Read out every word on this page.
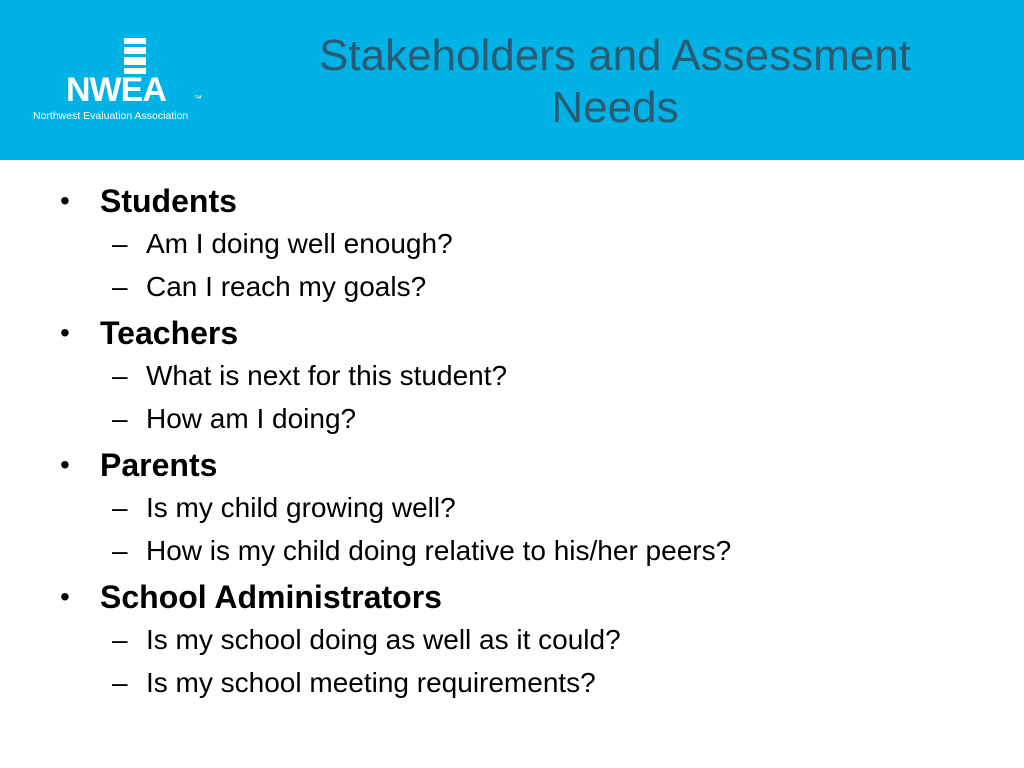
NWEA	™
Northwest Evaluation Association
Stakeholders and Assessment Needs
• Students
– Am I doing well enough?
– Can I reach my goals?
• Teachers
– What is next for this student?
– How am I doing?
• Parents
– Is my child growing well?
– How is my child doing relative to his/her peers?
• School Administrators
– Is my school doing as well as it could?
– Is my school meeting requirements?
